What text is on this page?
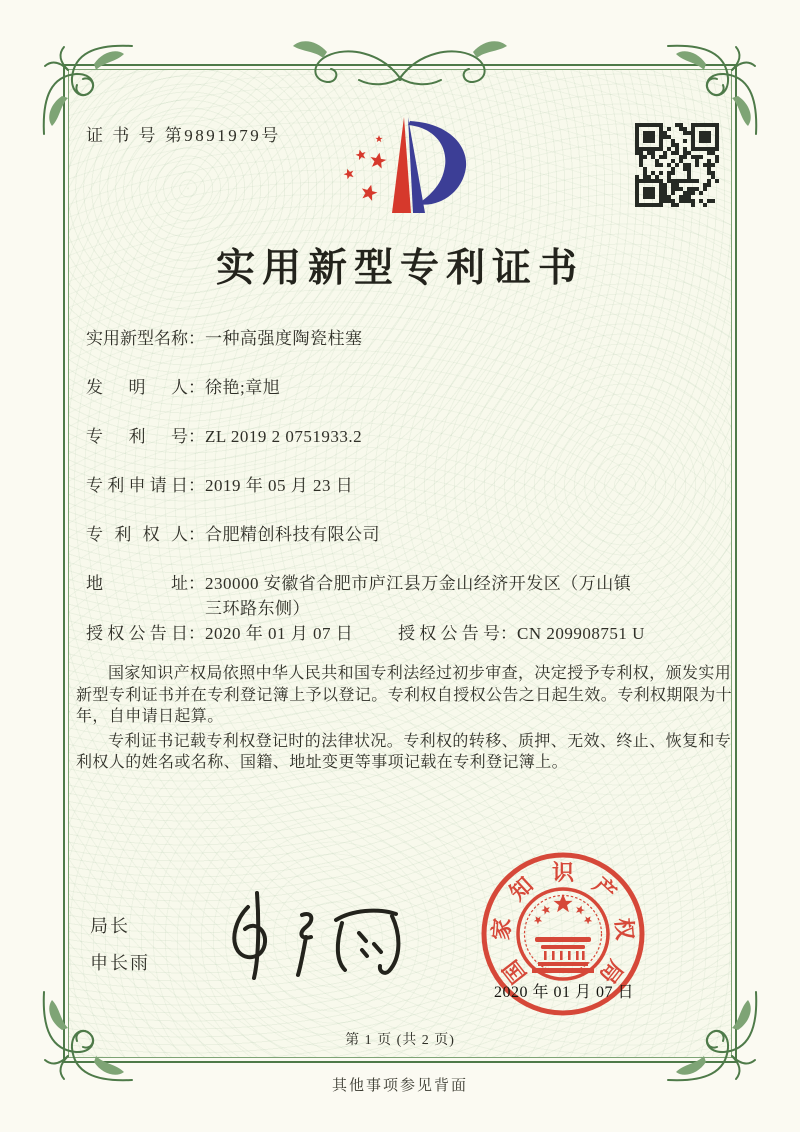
证 书 号 第9891979号
实用新型专利证书
实用新型名称：一种高强度陶瓷柱塞
发明人：徐艳;章旭
专利号：ZL 2019 2 0751933.2
专利申请日：2019 年 05 月 23 日
专利权人：合肥精创科技有限公司
地址：230000 安徽省合肥市庐江县万金山经济开发区（万山镇三环路东侧）
授权公告日：2020 年 01 月 07 日	授权公告号：CN 209908751 U

国家知识产权局依照中华人民共和国专利法经过初步审查，决定授予专利权，颁发实用新型专利证书并在专利登记簿上予以登记。专利权自授权公告之日起生效。专利权期限为十年，自申请日起算。

专利证书记载专利权登记时的法律状况。专利权的转移、质押、无效、终止、恢复和专利权人的姓名或名称、国籍、地址变更等事项记载在专利登记簿上。

局长
申长雨	国
家
知 识 产
权
局
2020 年 01 月 07 日
第 1 页 (共 2 页)
其他事项参见背面
